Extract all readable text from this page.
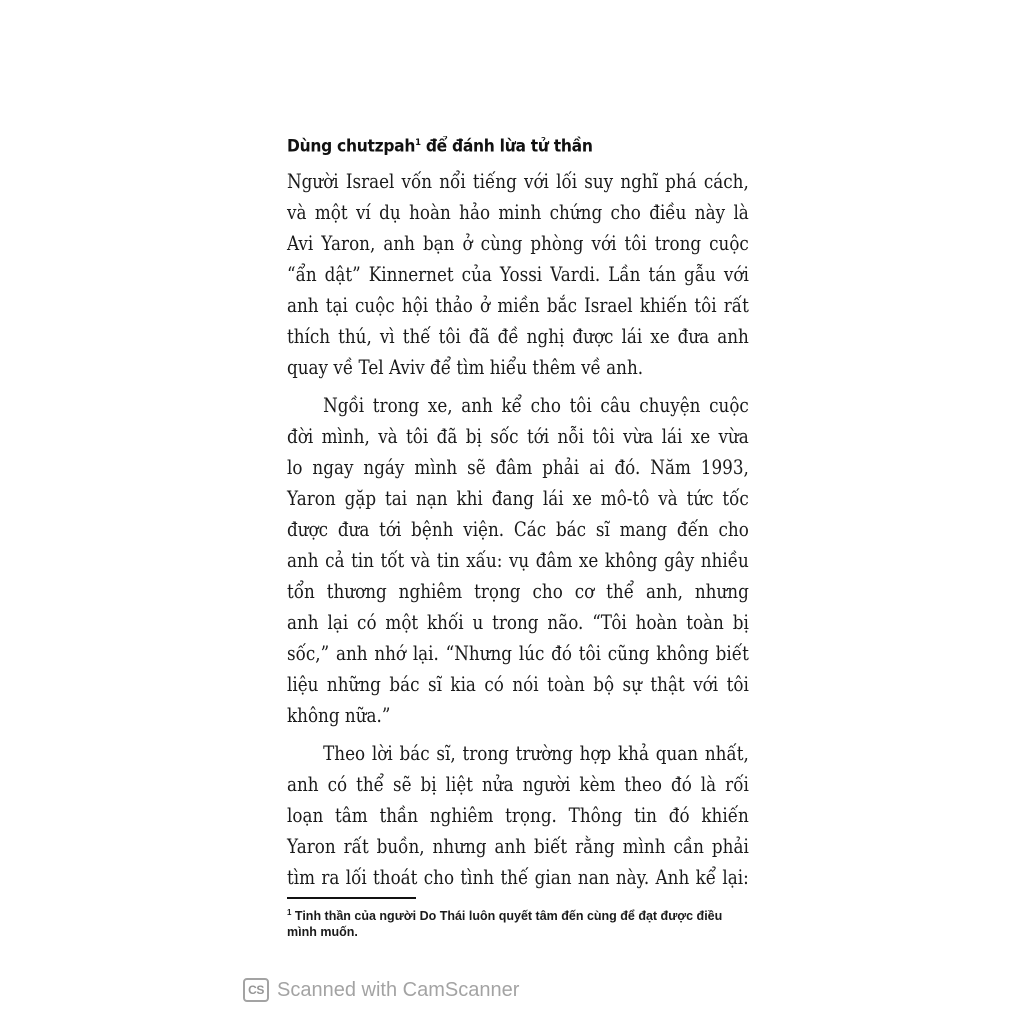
Dùng chutzpah$^1$ để đánh lừa tử thần

Người Israel vốn nổi tiếng với lối suy nghĩ phá cách,
và một ví dụ hoàn hảo minh chứng cho điều này là
Avi Yaron, anh bạn ở cùng phòng với tôi trong cuộc
“ẩn dật” Kinnernet của Yossi Vardi. Lần tán gẫu với
anh tại cuộc hội thảo ở miền bắc Israel khiến tôi rất
thích thú, vì thế tôi đã đề nghị được lái xe đưa anh
quay về Tel Aviv để tìm hiểu thêm về anh.

Ngồi trong xe, anh kể cho tôi câu chuyện cuộc
đời mình, và tôi đã bị sốc tới nỗi tôi vừa lái xe vừa
lo ngay ngáy mình sẽ đâm phải ai đó. Năm 1993,
Yaron gặp tai nạn khi đang lái xe mô-tô và tức tốc
được đưa tới bệnh viện. Các bác sĩ mang đến cho
anh cả tin tốt và tin xấu: vụ đâm xe không gây nhiều
tổn thương nghiêm trọng cho cơ thể anh, nhưng
anh lại có một khối u trong não. “Tôi hoàn toàn bị
sốc,” anh nhớ lại. “Nhưng lúc đó tôi cũng không biết
liệu những bác sĩ kia có nói toàn bộ sự thật với tôi
không nữa.”

Theo lời bác sĩ, trong trường hợp khả quan nhất,
anh có thể sẽ bị liệt nửa người kèm theo đó là rối
loạn tâm thần nghiêm trọng. Thông tin đó khiến
Yaron rất buồn, nhưng anh biết rằng mình cần phải
tìm ra lối thoát cho tình thế gian nan này. Anh kể lại:

$^1$ Tinh thần của người Do Thái luôn quyết tâm đến cùng để đạt được điều
mình muốn.
CS Scanned with CamScanner
